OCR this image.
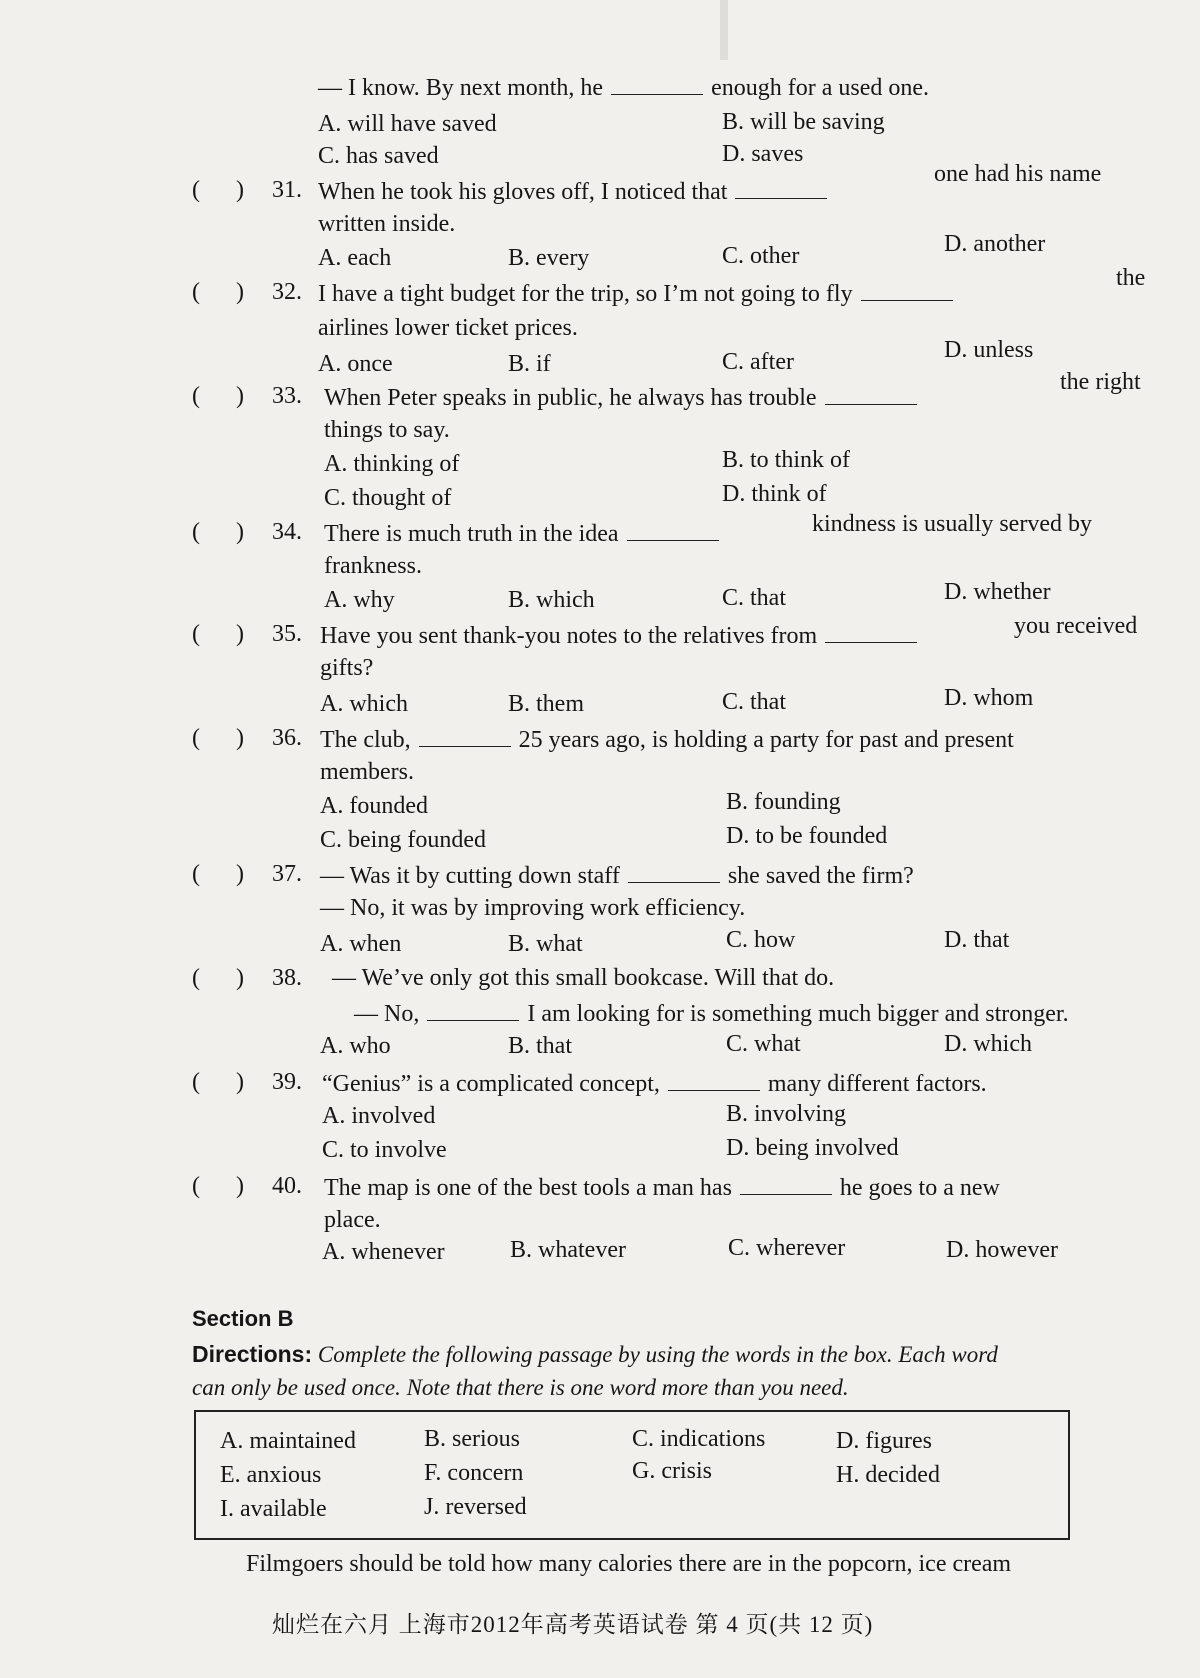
— I know. By next month, he	enough for a used one.
A. will have saved	B. will be saving
C. has saved	D. saves
(      ) 31. When he took his gloves off, I noticed that
one had his name
written inside.
A. each	B. every	C. other	D. another
(      ) 32. I have a tight budget for the trip, so I’m not going to fly
the
airlines lower ticket prices.
A. once	B. if	C. after	D. unless
(      ) 33. When Peter speaks in public, he always has trouble
the right
things to say.
A. thinking of	B. to think of
C. thought of	D. think of
(      ) 34. There is much truth in the idea	kindness is usually served by
frankness.
A. why	B. which	C. that	D. whether
(      ) 35. Have you sent thank-you notes to the relatives from	you received
gifts?
A. which	B. them	C. that	D. whom
(      ) 36. The club,	25 years ago, is holding a party for past and present
members.
A. founded	B. founding
C. being founded	D. to be founded
(      ) 37. — Was it by cutting down staff	she saved the firm?
— No, it was by improving work efficiency.
A. when	B. what	C. how	D. that
(      ) 38. — We’ve only got this small bookcase. Will that do.
— No,	I am looking for is something much bigger and stronger.
A. who	B. that	C. what	D. which
(      ) 39. “Genius” is a complicated concept,	many different factors.
A. involved	B. involving
C. to involve	D. being involved
(      ) 40. The map is one of the best tools a man has	he goes to a new
place.
A. whenever	B. whatever	C. wherever	D. however
Section B
Directions: Complete the following passage by using the words in the box. Each word
can only be used once. Note that there is one word more than you need.
A. maintained	B. serious	C. indications	D. figures
E. anxious	F. concern	G. crisis	H. decided
I. available	J. reversed
Filmgoers should be told how many calories there are in the popcorn, ice cream
灿烂在六月 上海市2012年高考英语试卷 第 4 页(共 12 页)
